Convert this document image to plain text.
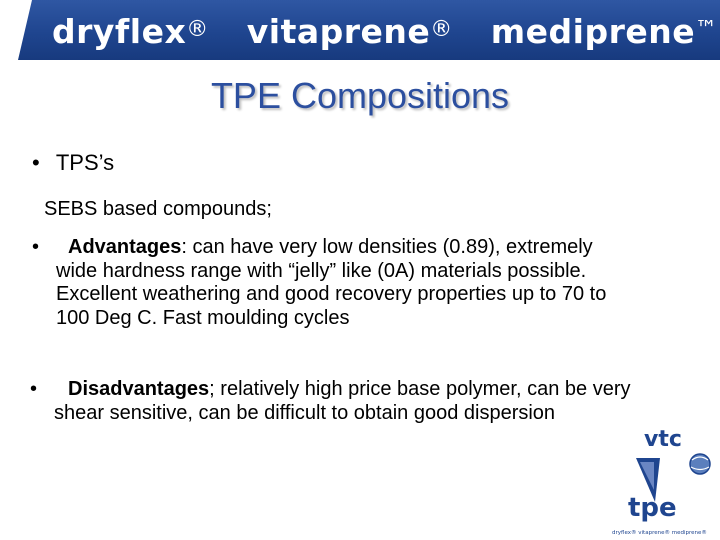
dryflex® vitaprene® mediprene™
TPE Compositions
• TPS’s
SEBS based compounds;
• Advantages: can have very low densities (0.89), extremely wide hardness range with “jelly” like (0A) materials possible. Excellent weathering and good recovery properties up to 70 to 100 Deg C. Fast moulding cycles
• Disadvantages; relatively high price base polymer, can be very shear sensitive, can be difficult to obtain good dispersion
vtc
tpe
dryflex® vitaprene® mediprene®
